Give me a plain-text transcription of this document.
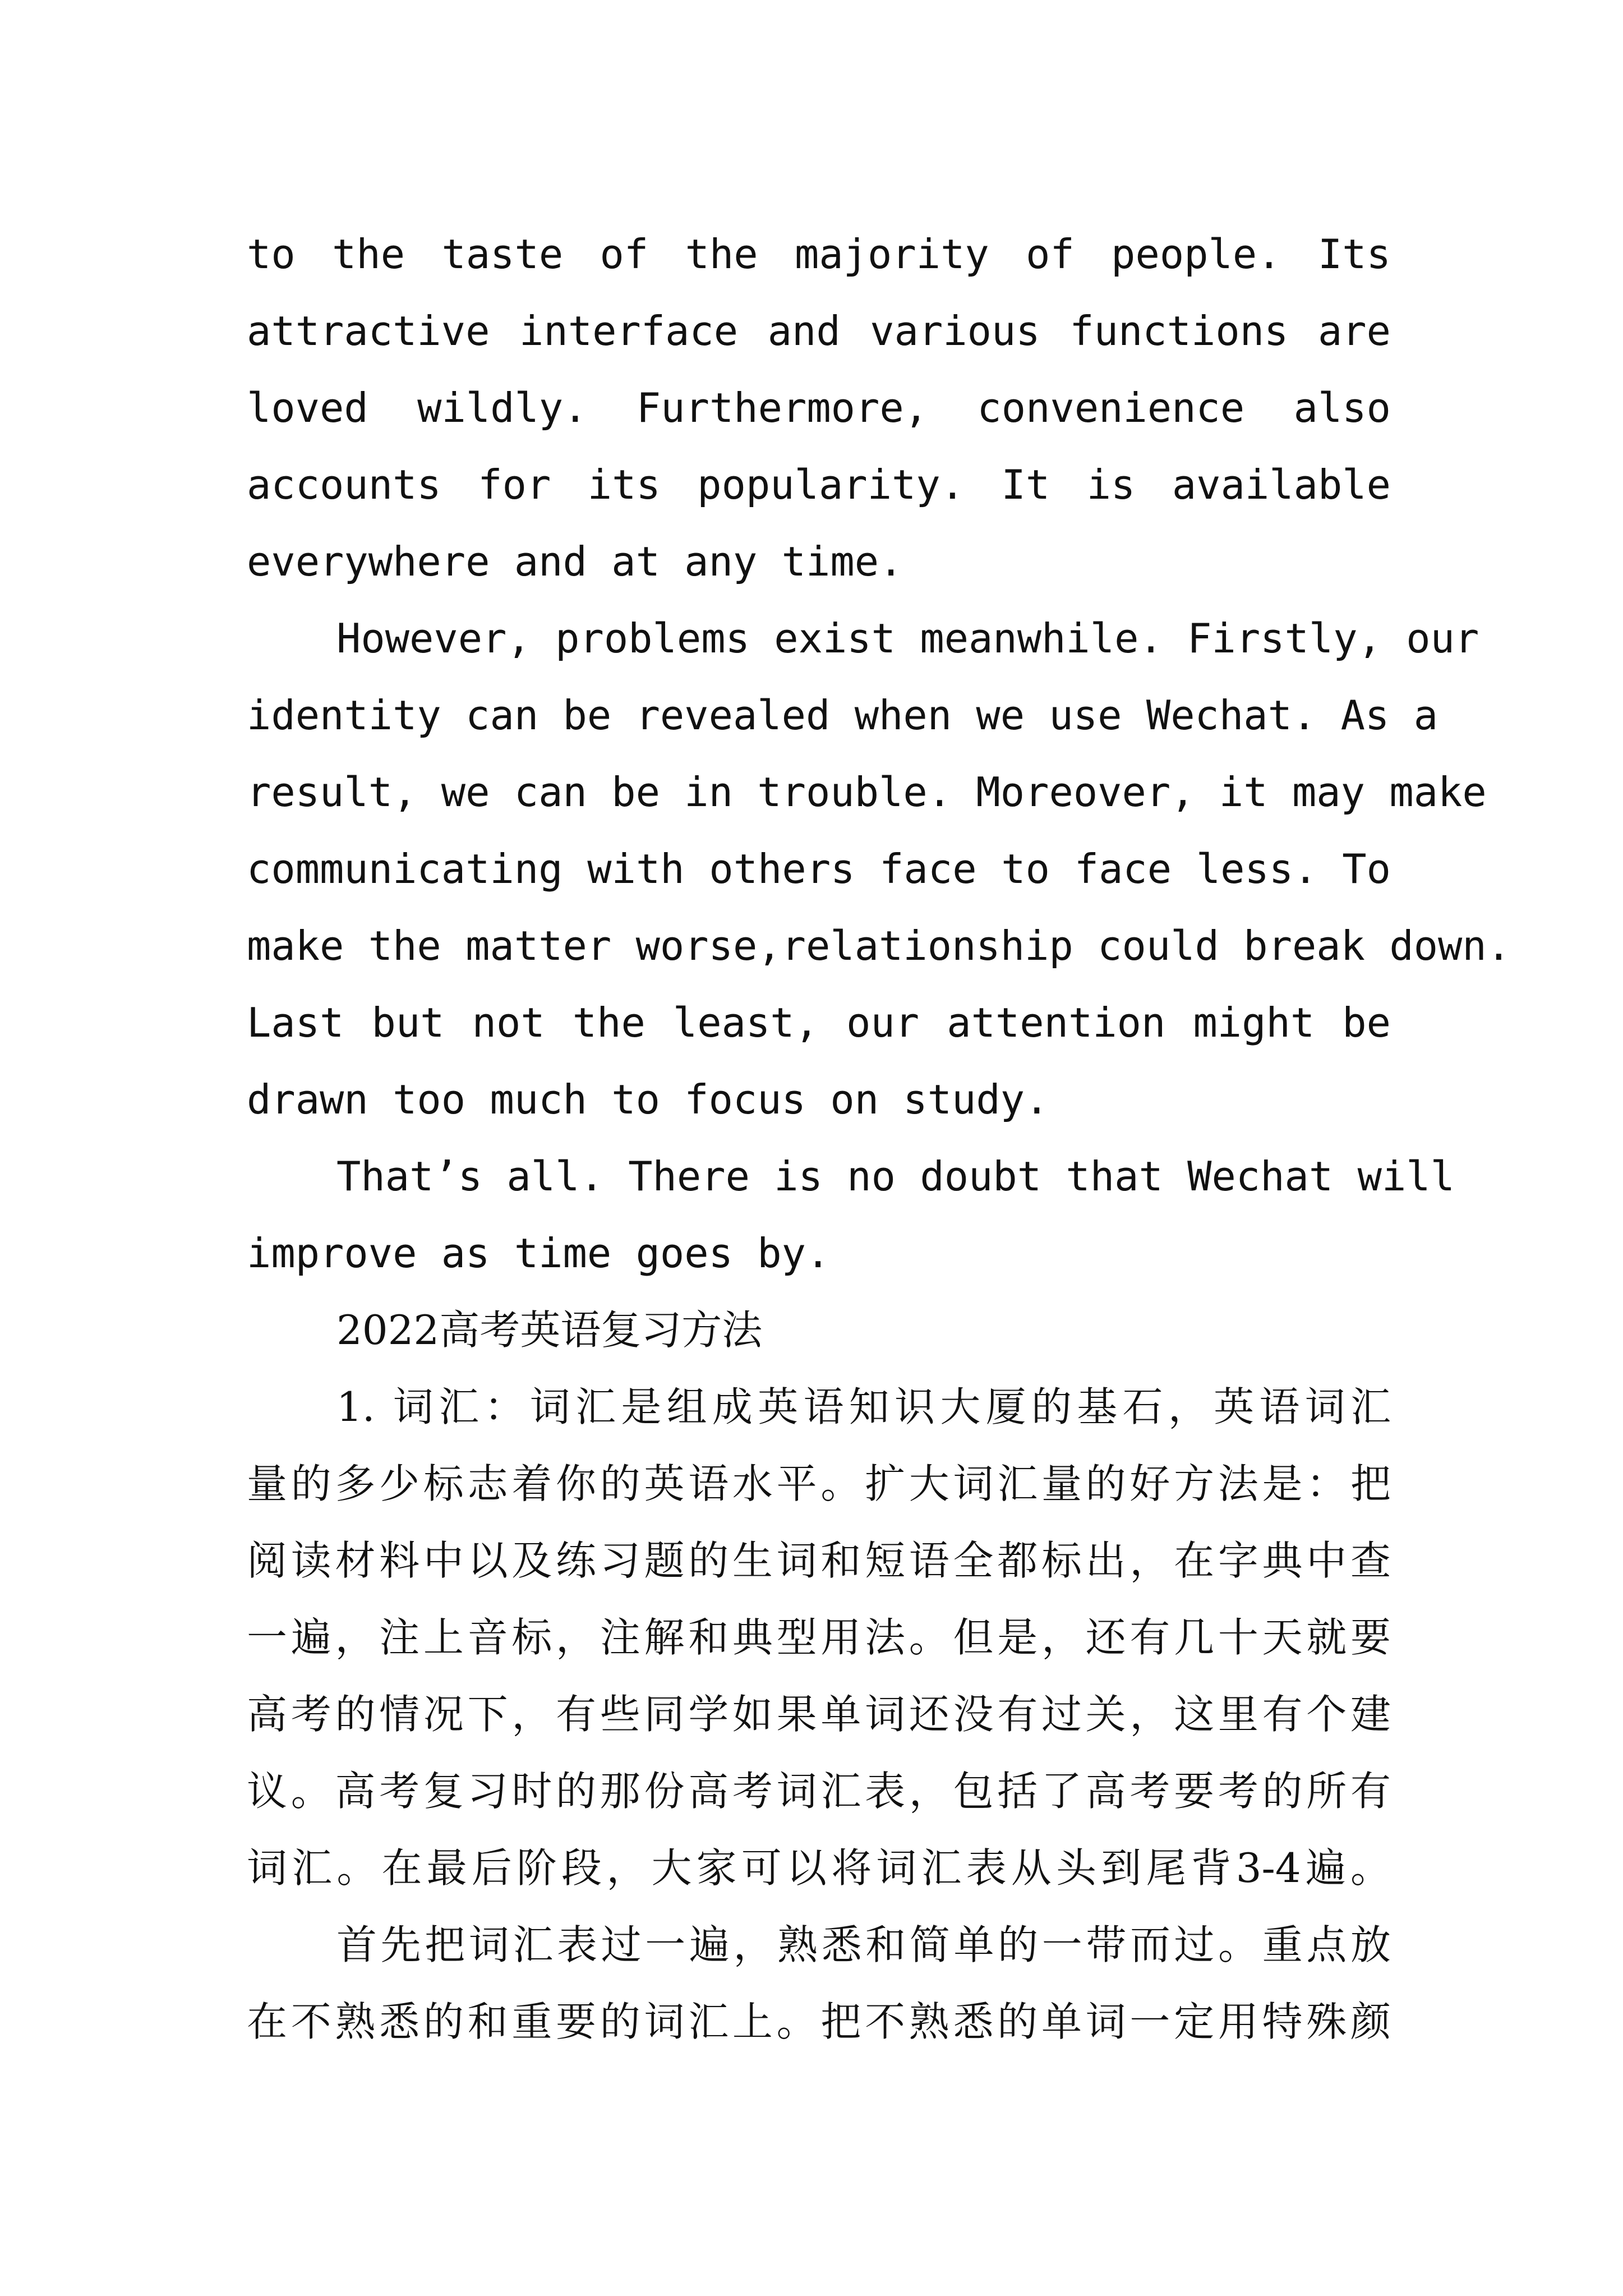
to the taste of the majority of people. Its
attractive interface and various functions are
loved wildly. Furthermore, convenience also
accounts for its popularity. It is available
everywhere and at any time.
However, problems exist meanwhile. Firstly, our
identity can be revealed when we use Wechat. As a
result, we can be in trouble. Moreover, it may make
communicating with others face to face less. To
make the matter worse,relationship could break down.
Last but not the least, our attention might be
drawn too much to focus on study.
That’s all. There is no doubt that Wechat will
improve as time goes by.
2022高考英语复习方法
1. 词汇：词汇是组成英语知识大厦的基石，英语词汇
量的多少标志着你的英语水平。扩大词汇量的好方法是：把
阅读材料中以及练习题的生词和短语全都标出，在字典中查
一遍，注上音标，注解和典型用法。但是，还有几十天就要
高考的情况下，有些同学如果单词还没有过关，这里有个建
议。高考复习时的那份高考词汇表，包括了高考要考的所有
词汇。在最后阶段，大家可以将词汇表从头到尾背3-4遍。
首先把词汇表过一遍，熟悉和简单的一带而过。重点放
在不熟悉的和重要的词汇上。把不熟悉的单词一定用特殊颜
